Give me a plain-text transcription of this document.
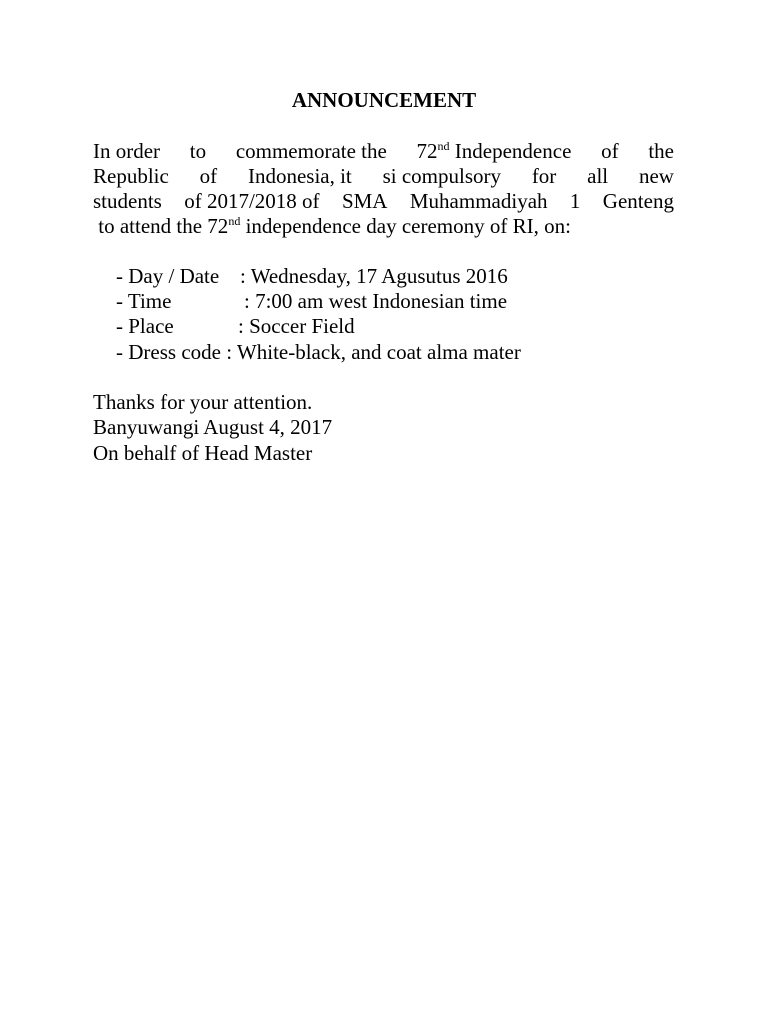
ANNOUNCEMENT
In order to commemorate the 72nd Independence of the
Republic of Indonesia, it si compulsory for all new
students of 2017/2018 of SMA Muhammadiyah 1 Genteng
to attend the 72nd independence day ceremony of RI, on:
- Day / Date : Wednesday, 17 Agusutus 2016
- Time	: 7:00 am west Indonesian time
- Place	: Soccer Field
- Dress code : White-black, and coat alma mater
Thanks for your attention.
Banyuwangi August 4, 2017
On behalf of Head Master
